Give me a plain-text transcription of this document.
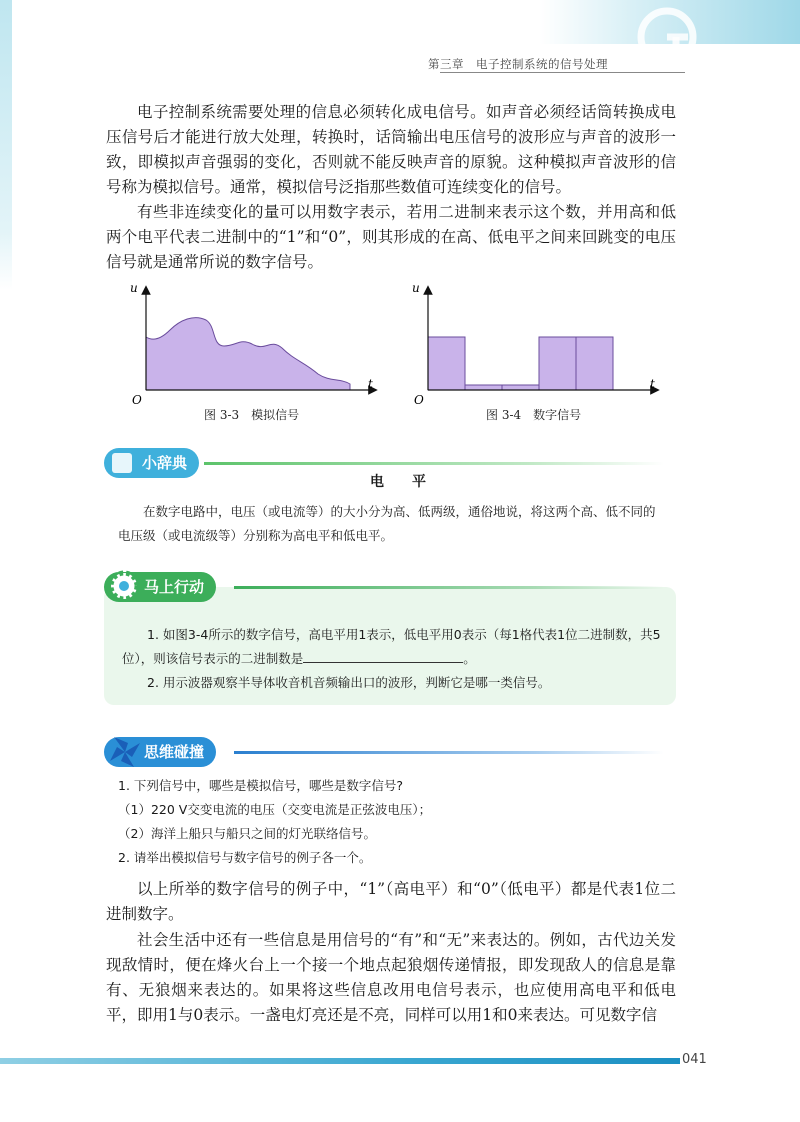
第三章　电子控制系统的信号处理

电子控制系统需要处理的信息必须转化成电信号。如声音必须经话筒转换成电压信号后才能进行放大处理，转换时，话筒输出电压信号的波形应与声音的波形一致，即模拟声音强弱的变化，否则就不能反映声音的原貌。这种模拟声音波形的信号称为模拟信号。通常，模拟信号泛指那些数值可连续变化的信号。

有些非连续变化的量可以用数字表示，若用二进制来表示这个数，并用高和低两个电平代表二进制中的“1”和“0”，则其形成的在高、低电平之间来回跳变的电压信号就是通常所说的数字信号。

u
t
O
图 3-3　模拟信号
u
t
O
图 3-4　数字信号
小辞典
电　　平

在数字电路中，电压（或电流等）的大小分为高、低两级，通俗地说，将这两个高、低不同的电压级（或电流级等）分别称为高电平和低电平。

马上行动

1. 如图3-4所示的数字信号，高电平用1表示，低电平用0表示（每1格代表1位二进制数，共5位），则该信号表示的二进制数是	。

2. 用示波器观察半导体收音机音频输出口的波形，判断它是哪一类信号。

思维碰撞

1. 下列信号中，哪些是模拟信号，哪些是数字信号?

（1）220 V交变电流的电压（交变电流是正弦波电压）；

（2）海洋上船只与船只之间的灯光联络信号。

2. 请举出模拟信号与数字信号的例子各一个。

以上所举的数字信号的例子中，“1”（高电平）和“0”（低电平）都是代表1位二进制数字。

社会生活中还有一些信息是用信号的“有”和“无”来表达的。例如，古代边关发现敌情时，便在烽火台上一个接一个地点起狼烟传递情报，即发现敌人的信息是靠有、无狼烟来表达的。如果将这些信息改用电信号表示，也应使用高电平和低电平，即用1与0表示。一盏电灯亮还是不亮，同样可以用1和0来表达。可见数字信

041
